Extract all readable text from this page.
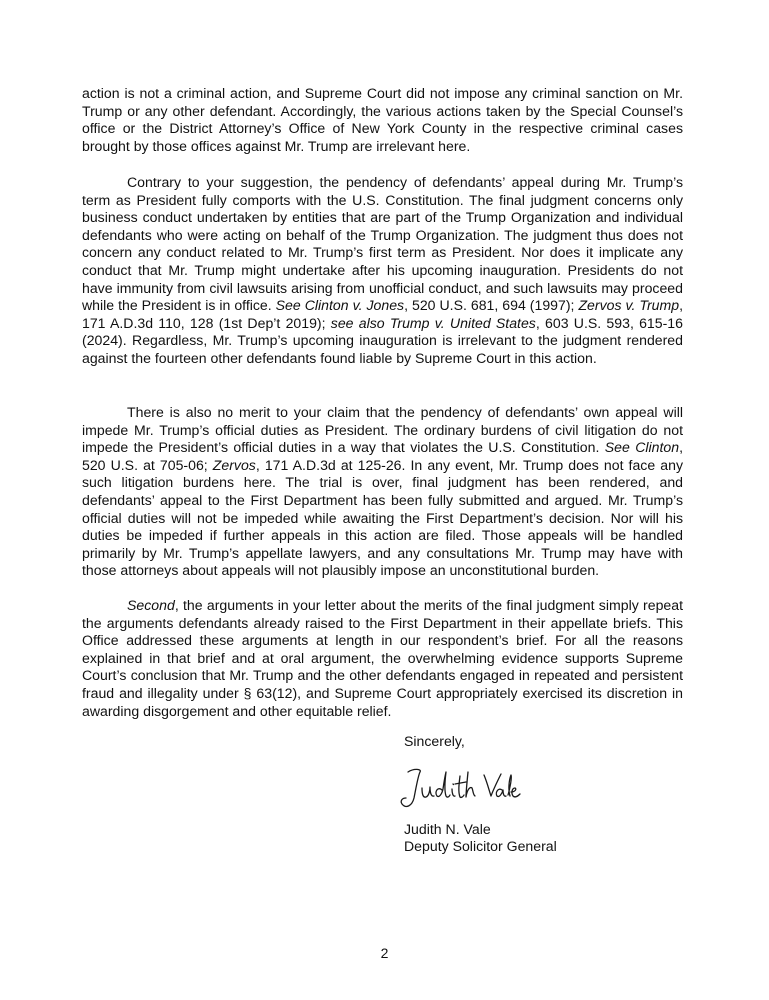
action is not a criminal action, and Supreme Court did not impose any criminal sanction on Mr. Trump or any other defendant. Accordingly, the various actions taken by the Special Counsel’s office or the District Attorney’s Office of New York County in the respective criminal cases brought by those offices against Mr. Trump are irrelevant here.

Contrary to your suggestion, the pendency of defendants’ appeal during Mr. Trump’s term as President fully comports with the U.S. Constitution. The final judgment concerns only business conduct undertaken by entities that are part of the Trump Organization and individual defendants who were acting on behalf of the Trump Organization. The judgment thus does not concern any conduct related to Mr. Trump’s first term as President. Nor does it implicate any conduct that Mr. Trump might undertake after his upcoming inauguration. Presidents do not have immunity from civil lawsuits arising from unofficial conduct, and such lawsuits may proceed while the President is in office. See Clinton v. Jones, 520 U.S. 681, 694 (1997); Zervos v. Trump, 171 A.D.3d 110, 128 (1st Dep’t 2019); see also Trump v. United States, 603 U.S. 593, 615-16 (2024). Regardless, Mr. Trump’s upcoming inauguration is irrelevant to the judgment rendered against the fourteen other defendants found liable by Supreme Court in this action.

There is also no merit to your claim that the pendency of defendants’ own appeal will impede Mr. Trump’s official duties as President. The ordinary burdens of civil litigation do not impede the President’s official duties in a way that violates the U.S. Constitution. See Clinton, 520 U.S. at 705-06; Zervos, 171 A.D.3d at 125-26. In any event, Mr. Trump does not face any such litigation burdens here. The trial is over, final judgment has been rendered, and defendants’ appeal to the First Department has been fully submitted and argued. Mr. Trump’s official duties will not be impeded while awaiting the First Department’s decision. Nor will his duties be impeded if further appeals in this action are filed. Those appeals will be handled primarily by Mr. Trump’s appellate lawyers, and any consultations Mr. Trump may have with those attorneys about appeals will not plausibly impose an unconstitutional burden.

Second, the arguments in your letter about the merits of the final judgment simply repeat the arguments defendants already raised to the First Department in their appellate briefs. This Office addressed these arguments at length in our respondent’s brief. For all the reasons explained in that brief and at oral argument, the overwhelming evidence supports Supreme Court’s conclusion that Mr. Trump and the other defendants engaged in repeated and persistent fraud and illegality under § 63(12), and Supreme Court appropriately exercised its discretion in awarding disgorgement and other equitable relief.

Sincerely,

Judith N. Vale

Deputy Solicitor General

2
